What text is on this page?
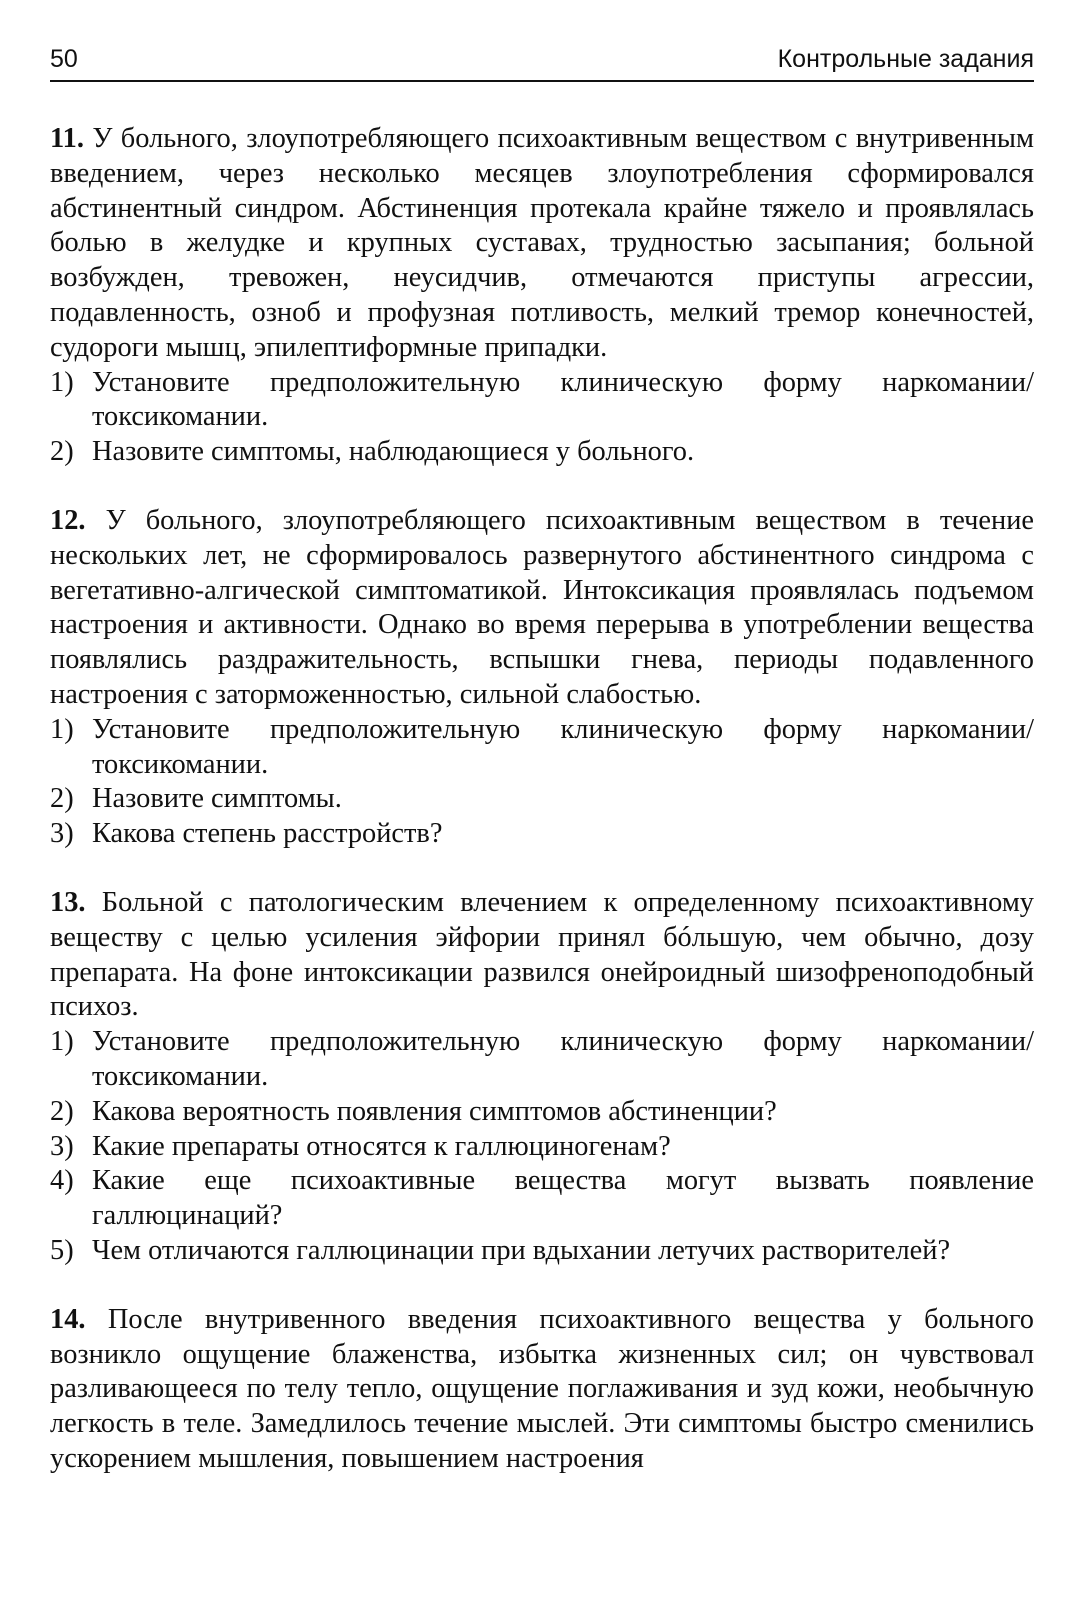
50	Контрольные задания

11. У больного, злоупотребляющего психоактивным веществом с внутривенным введением, через несколько месяцев злоупотребления сформировался абстинентный синдром. Абстиненция протекала крайне тяжело и проявлялась болью в желудке и крупных суставах, трудностью засыпания; больной возбужден, тревожен, неусидчив, отмечаются приступы агрессии, подавленность, озноб и профузная потливость, мелкий тремор конечностей, судороги мышц, эпилептиформные припадки.

1) Установите предположительную клиническую форму наркомании/токсикомании.
2) Назовите симптомы, наблюдающиеся у больного.

12. У больного, злоупотребляющего психоактивным веществом в течение нескольких лет, не сформировалось развернутого абстинентного синдрома с вегетативно-алгической симптоматикой. Интоксикация проявлялась подъемом настроения и активности. Однако во время перерыва в употреблении вещества появлялись раздражительность, вспышки гнева, периоды подавленного настроения с заторможенностью, сильной слабостью.

1) Установите предположительную клиническую форму наркомании/токсикомании.
2) Назовите симптомы.
3) Какова степень расстройств?

13. Больной с патологическим влечением к определенному психоактивному веществу с целью усиления эйфории принял бóльшую, чем обычно, дозу препарата. На фоне интоксикации развился онейроидный шизофреноподобный психоз.

1) Установите предположительную клиническую форму наркомании/токсикомании.
2) Какова вероятность появления симптомов абстиненции?
3) Какие препараты относятся к галлюциногенам?
4) Какие еще психоактивные вещества могут вызвать появление галлюцинаций?
5) Чем отличаются галлюцинации при вдыхании летучих растворителей?

14. После внутривенного введения психоактивного вещества у больного возникло ощущение блаженства, избытка жизненных сил; он чувствовал разливающееся по телу тепло, ощущение поглаживания и зуд кожи, необычную легкость в теле. Замедлилось течение мыслей. Эти симптомы быстро сменились ускорением мышления, повышением настроения
